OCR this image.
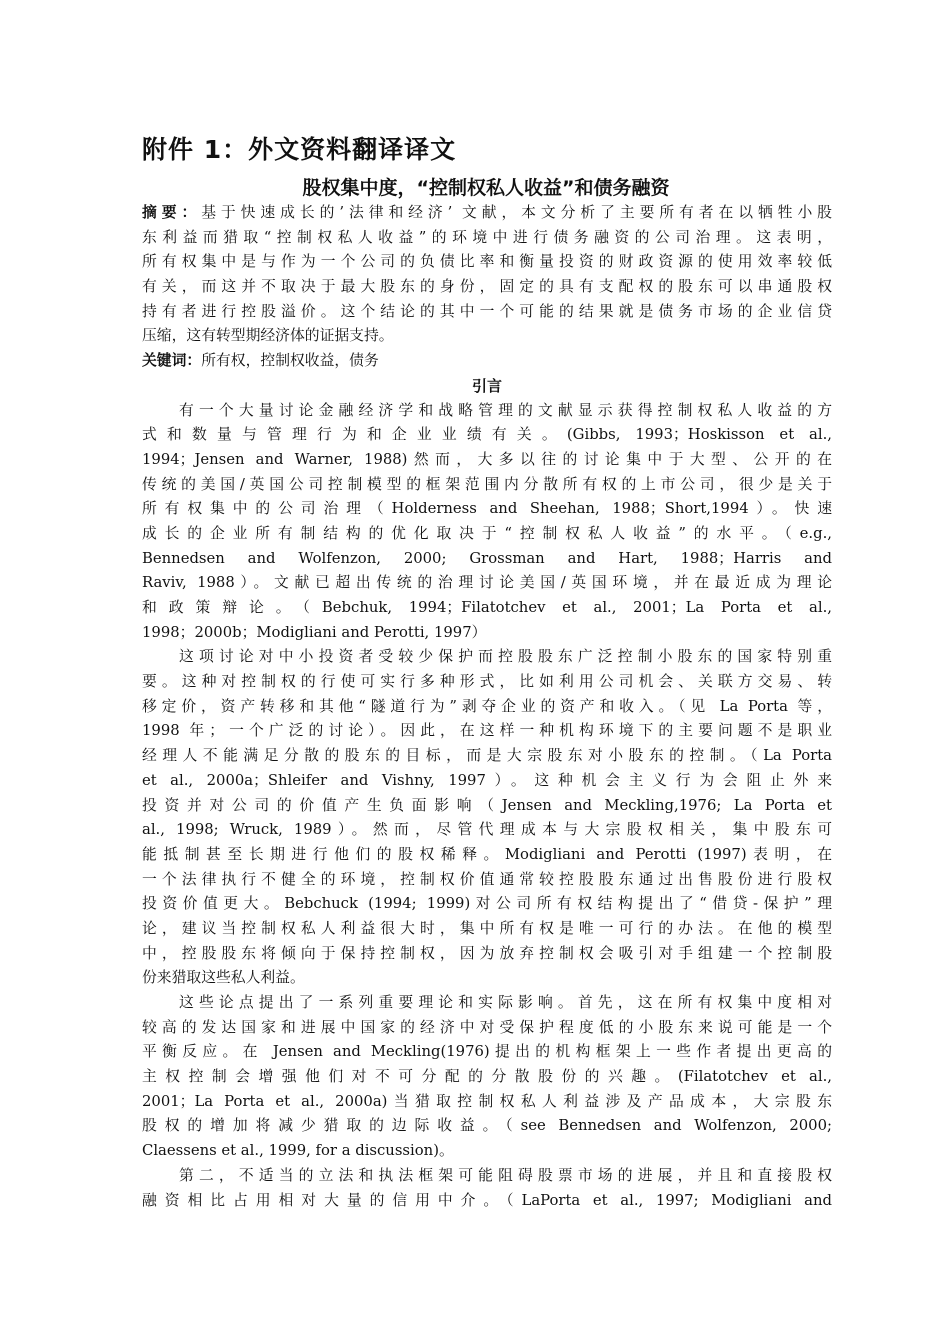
附件 1：外文资料翻译译文
股权集中度，“控制权私人收益”和债务融资
摘要：基于快速成长的’法律和经济’ 文献，本文分析了主要所有者在以牺牲小股
东利益而猎取“控制权私人收益”的环境中进行债务融资的公司治理。这表明，
所有权集中是与作为一个公司的负债比率和衡量投资的财政资源的使用效率较低
有关，而这并不取决于最大股东的身份，固定的具有支配权的股东可以串通股权
持有者进行控股溢价。这个结论的其中一个可能的结果就是债务市场的企业信贷
压缩，这有转型期经济体的证据支持。
关键词：所有权，控制权收益，债务
引言
有一个大量讨论金融经济学和战略管理的文献显示获得控制权私人收益的方
式和数量与管理行为和企业业绩有关。(Gibbs, 1993；Hoskisson et al.,
1994；Jensen and Warner, 1988)然而，大多以往的讨论集中于大型、公开的在
传统的美国/英国公司控制模型的框架范围内分散所有权的上市公司，很少是关于
所有权集中的公司治理（Holderness and Sheehan, 1988；Short,1994）。快速
成长的企业所有制结构的优化取决于“控制权私人收益”的水平。（e.g.,
Bennedsen and Wolfenzon, 2000; Grossman and Hart, 1988；Harris and
Raviv, 1988）。文献已超出传统的治理讨论美国/英国环境，并在最近成为理论
和政策辩论。（Bebchuk, 1994；Filatotchev et al., 2001；La Porta et al.,
1998；2000b；Modigliani and Perotti, 1997）
这项讨论对中小投资者受较少保护而控股股东广泛控制小股东的国家特别重
要。这种对控制权的行使可实行多种形式，比如利用公司机会、关联方交易、转
移定价，资产转移和其他“隧道行为”剥夺企业的资产和收入。（见 La Porta 等，
1998 年；一个广泛的讨论）。因此，在这样一种机构环境下的主要问题不是职业
经理人不能满足分散的股东的目标，而是大宗股东对小股东的控制。（La Porta
et al., 2000a；Shleifer and Vishny, 1997）。这种机会主义行为会阻止外来
投资并对公司的价值产生负面影响（Jensen and Meckling,1976; La Porta et
al., 1998; Wruck, 1989）。然而，尽管代理成本与大宗股权相关，集中股东可
能抵制甚至长期进行他们的股权稀释。Modigliani and Perotti (1997)表明，在
一个法律执行不健全的环境，控制权价值通常较控股股东通过出售股份进行股权
投资价值更大。Bebchuck (1994; 1999)对公司所有权结构提出了“借贷-保护”理
论，建议当控制权私人利益很大时，集中所有权是唯一可行的办法。在他的模型
中，控股股东将倾向于保持控制权，因为放弃控制权会吸引对手组建一个控制股
份来猎取这些私人利益。
这些论点提出了一系列重要理论和实际影响。首先，这在所有权集中度相对
较高的发达国家和进展中国家的经济中对受保护程度低的小股东来说可能是一个
平衡反应。在 Jensen and Meckling(1976)提出的机构框架上一些作者提出更高的
主权控制会增强他们对不可分配的分散股份的兴趣。(Filatotchev et al.,
2001；La Porta et al., 2000a)当猎取控制权私人利益涉及产品成本，大宗股东
股权的增加将减少猎取的边际收益。（see Bennedsen and Wolfenzon, 2000;
Claessens et al., 1999, for a discussion)。
第二，不适当的立法和执法框架可能阻碍股票市场的进展，并且和直接股权
融资相比占用相对大量的信用中介。（LaPorta et al., 1997; Modigliani and
